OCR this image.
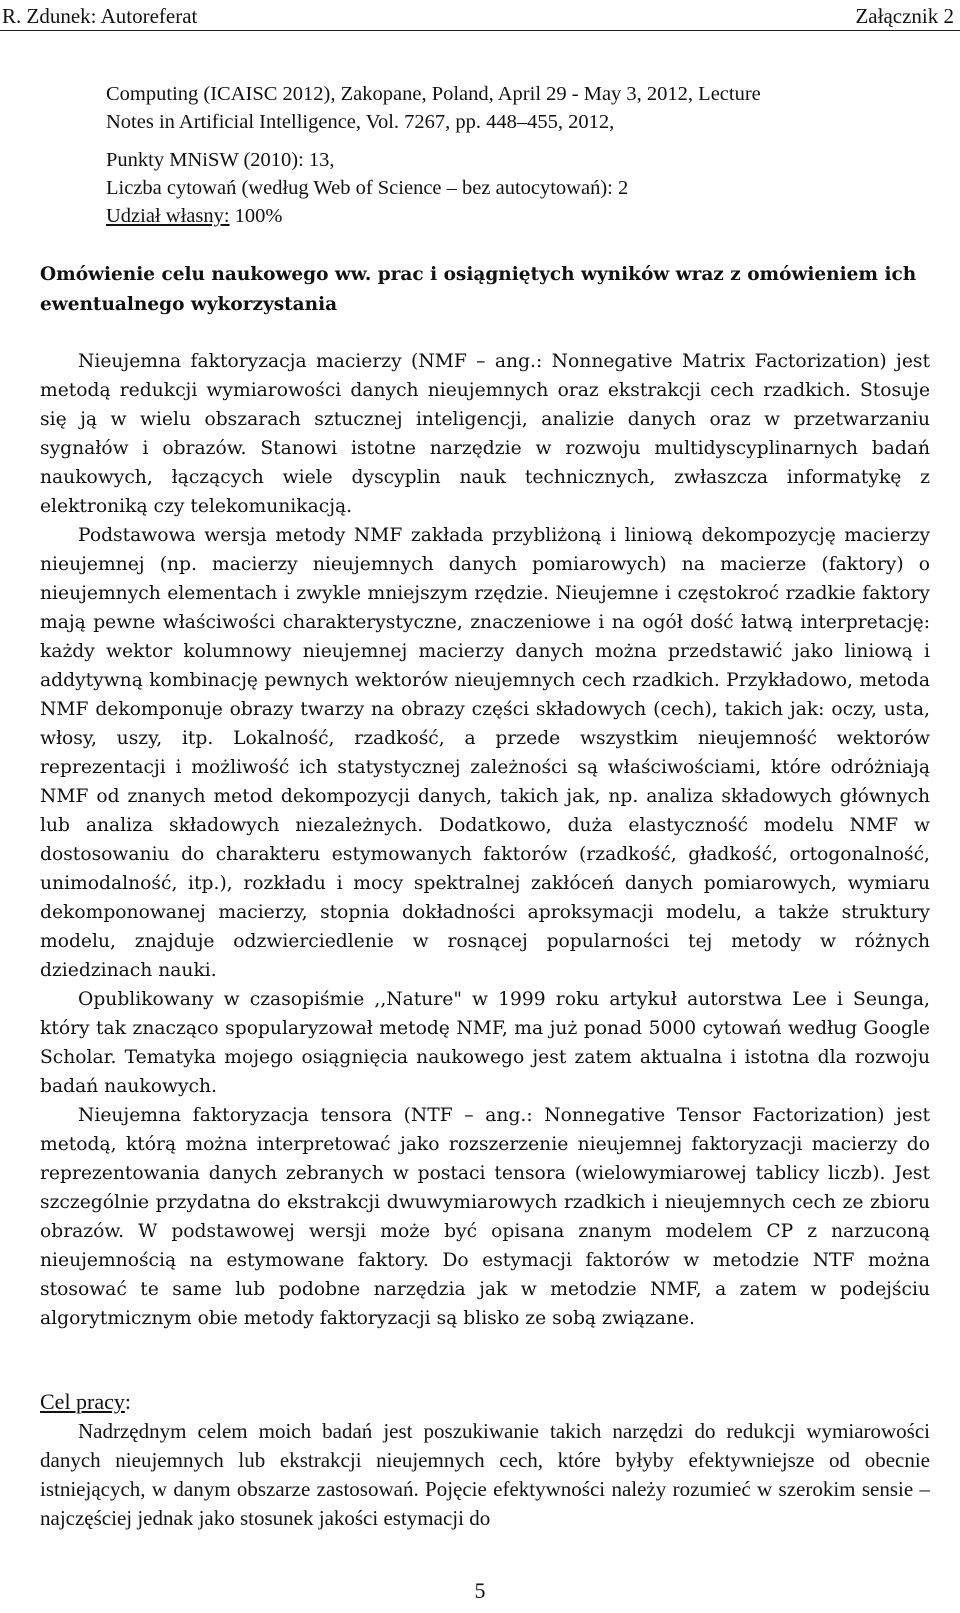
R. Zdunek: Autoreferat	Załącznik 2

Computing (ICAISC 2012), Zakopane, Poland, April 29 - May 3, 2012, Lecture

Notes in Artificial Intelligence, Vol. 7267, pp. 448–455, 2012,

Punkty MNiSW (2010): 13,

Liczba cytowań (według Web of Science – bez autocytowań): 2

Udział własny: 100%

Omówienie celu naukowego ww. prac i osiągniętych wyników wraz z omówieniem ich ewentualnego wykorzystania

Nieujemna faktoryzacja macierzy (NMF – ang.: Nonnegative Matrix Factorization) jest metodą redukcji wymiarowości danych nieujemnych oraz ekstrakcji cech rzadkich. Stosuje się ją w wielu obszarach sztucznej inteligencji, analizie danych oraz w przetwarzaniu sygnałów i obrazów. Stanowi istotne narzędzie w rozwoju multidyscyplinarnych badań naukowych, łączących wiele dyscyplin nauk technicznych, zwłaszcza informatykę z elektroniką czy telekomunikacją.

Podstawowa wersja metody NMF zakłada przybliżoną i liniową dekompozycję macierzy nieujemnej (np. macierzy nieujemnych danych pomiarowych) na macierze (faktory) o nieujemnych elementach i zwykle mniejszym rzędzie. Nieujemne i częstokroć rzadkie faktory mają pewne właściwości charakterystyczne, znaczeniowe i na ogół dość łatwą interpretację: każdy wektor kolumnowy nieujemnej macierzy danych można przedstawić jako liniową i addytywną kombinację pewnych wektorów nieujemnych cech rzadkich. Przykładowo, metoda NMF dekomponuje obrazy twarzy na obrazy części składowych (cech), takich jak: oczy, usta, włosy, uszy, itp. Lokalność, rzadkość, a przede wszystkim nieujemność wektorów reprezentacji i możliwość ich statystycznej zależności są właściwościami, które odróżniają NMF od znanych metod dekompozycji danych, takich jak, np. analiza składowych głównych lub analiza składowych niezależnych. Dodatkowo, duża elastyczność modelu NMF w dostosowaniu do charakteru estymowanych faktorów (rzadkość, gładkość, ortogonalność, unimodalność, itp.), rozkładu i mocy spektralnej zakłóceń danych pomiarowych, wymiaru dekomponowanej macierzy, stopnia dokładności aproksymacji modelu, a także struktury modelu, znajduje odzwierciedlenie w rosnącej popularności tej metody w różnych dziedzinach nauki.

Opublikowany w czasopiśmie ,,Nature" w 1999 roku artykuł autorstwa Lee i Seunga, który tak znacząco spopularyzował metodę NMF, ma już ponad 5000 cytowań według Google Scholar. Tematyka mojego osiągnięcia naukowego jest zatem aktualna i istotna dla rozwoju badań naukowych.

Nieujemna faktoryzacja tensora (NTF – ang.: Nonnegative Tensor Factorization) jest metodą, którą można interpretować jako rozszerzenie nieujemnej faktoryzacji macierzy do reprezentowania danych zebranych w postaci tensora (wielowymiarowej tablicy liczb). Jest szczególnie przydatna do ekstrakcji dwuwymiarowych rzadkich i nieujemnych cech ze zbioru obrazów. W podstawowej wersji może być opisana znanym modelem CP z narzuconą nieujemnością na estymowane faktory. Do estymacji faktorów w metodzie NTF można stosować te same lub podobne narzędzia jak w metodzie NMF, a zatem w podejściu algorytmicznym obie metody faktoryzacji są blisko ze sobą związane.

Cel pracy:

Nadrzędnym celem moich badań jest poszukiwanie takich narzędzi do redukcji wymiarowości danych nieujemnych lub ekstrakcji nieujemnych cech, które byłyby efektywniejsze od obecnie istniejących, w danym obszarze zastosowań. Pojęcie efektywności należy rozumieć w szerokim sensie – najczęściej jednak jako stosunek jakości estymacji do

5
